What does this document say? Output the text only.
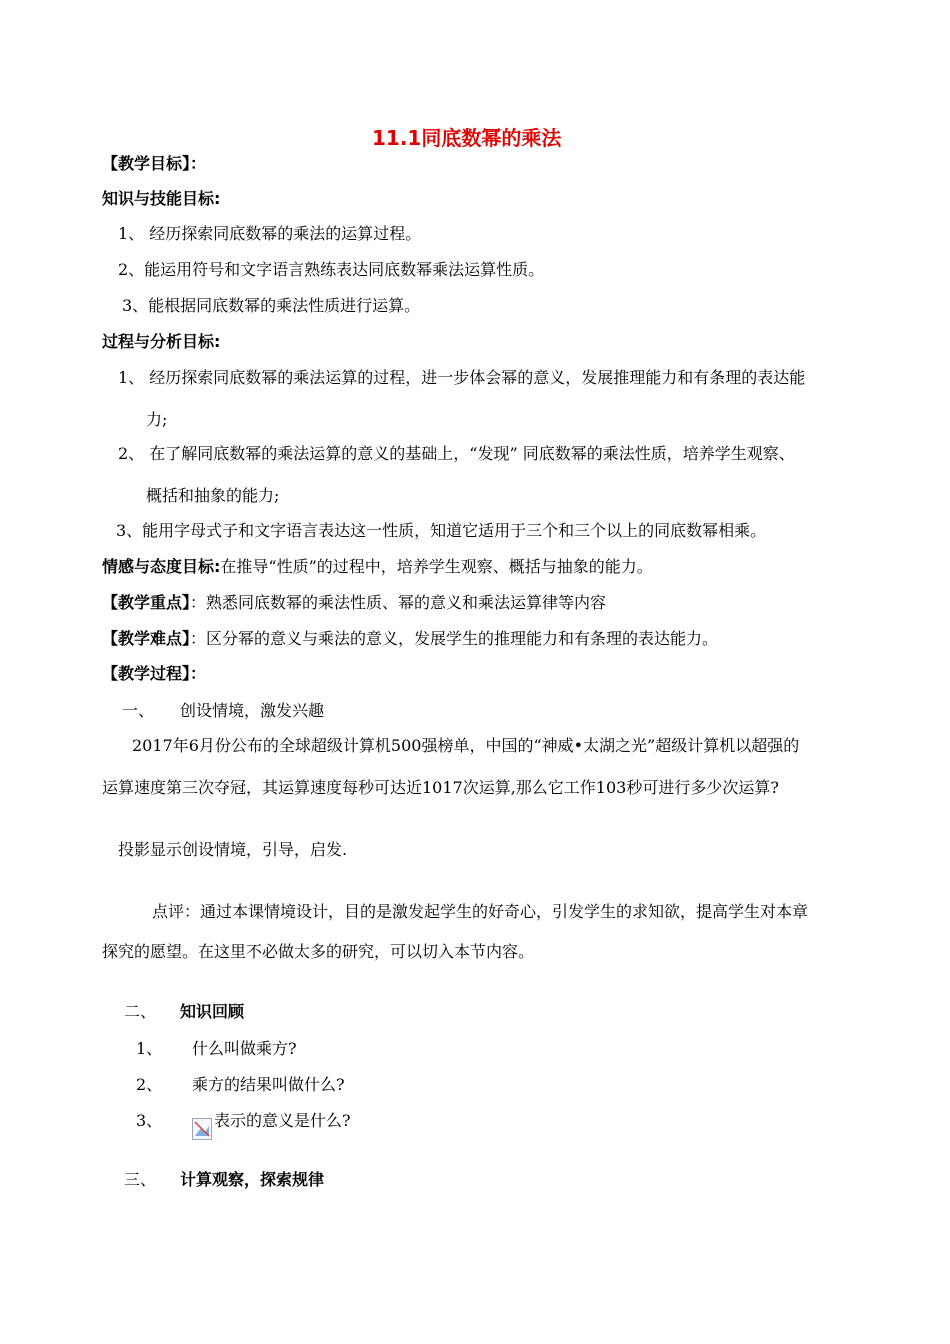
11.1同底数幂的乘法
【教学目标】：
知识与技能目标:
1、 经历探索同底数幂的乘法的运算过程。
2、能运用符号和文字语言熟练表达同底数幂乘法运算性质。
3、能根据同底数幂的乘法性质进行运算。
过程与分析目标:
1、 经历探索同底数幂的乘法运算的过程，进一步体会幂的意义，发展推理能力和有条理的表达能
力;
2、 在了解同底数幂的乘法运算的意义的基础上，“发现” 同底数幂的乘法性质，培养学生观察、
概括和抽象的能力;
3、能用字母式子和文字语言表达这一性质，知道它适用于三个和三个以上的同底数幂相乘。
情感与态度目标:在推导“性质”的过程中，培养学生观察、概括与抽象的能力。
【教学重点】：熟悉同底数幂的乘法性质、幂的意义和乘法运算律等内容
【教学难点】：区分幂的意义与乘法的意义，发展学生的推理能力和有条理的表达能力。
【教学过程】：
一、 创设情境，激发兴趣
2017年6月份公布的全球超级计算机500强榜单，中国的“神威•太湖之光”超级计算机以超强的
运算速度第三次夺冠，其运算速度每秒可达近1017次运算,那么它工作103秒可进行多少次运算?
投影显示创设情境，引导，启发.
点评：通过本课情境设计，目的是激发起学生的好奇心，引发学生的求知欲，提高学生对本章
探究的愿望。在这里不必做太多的研究，可以切入本节内容。
二、 知识回顾
1、 什么叫做乘方?
2、 乘方的结果叫做什么?
3、	表示的意义是什么?
三、 计算观察，探索规律
